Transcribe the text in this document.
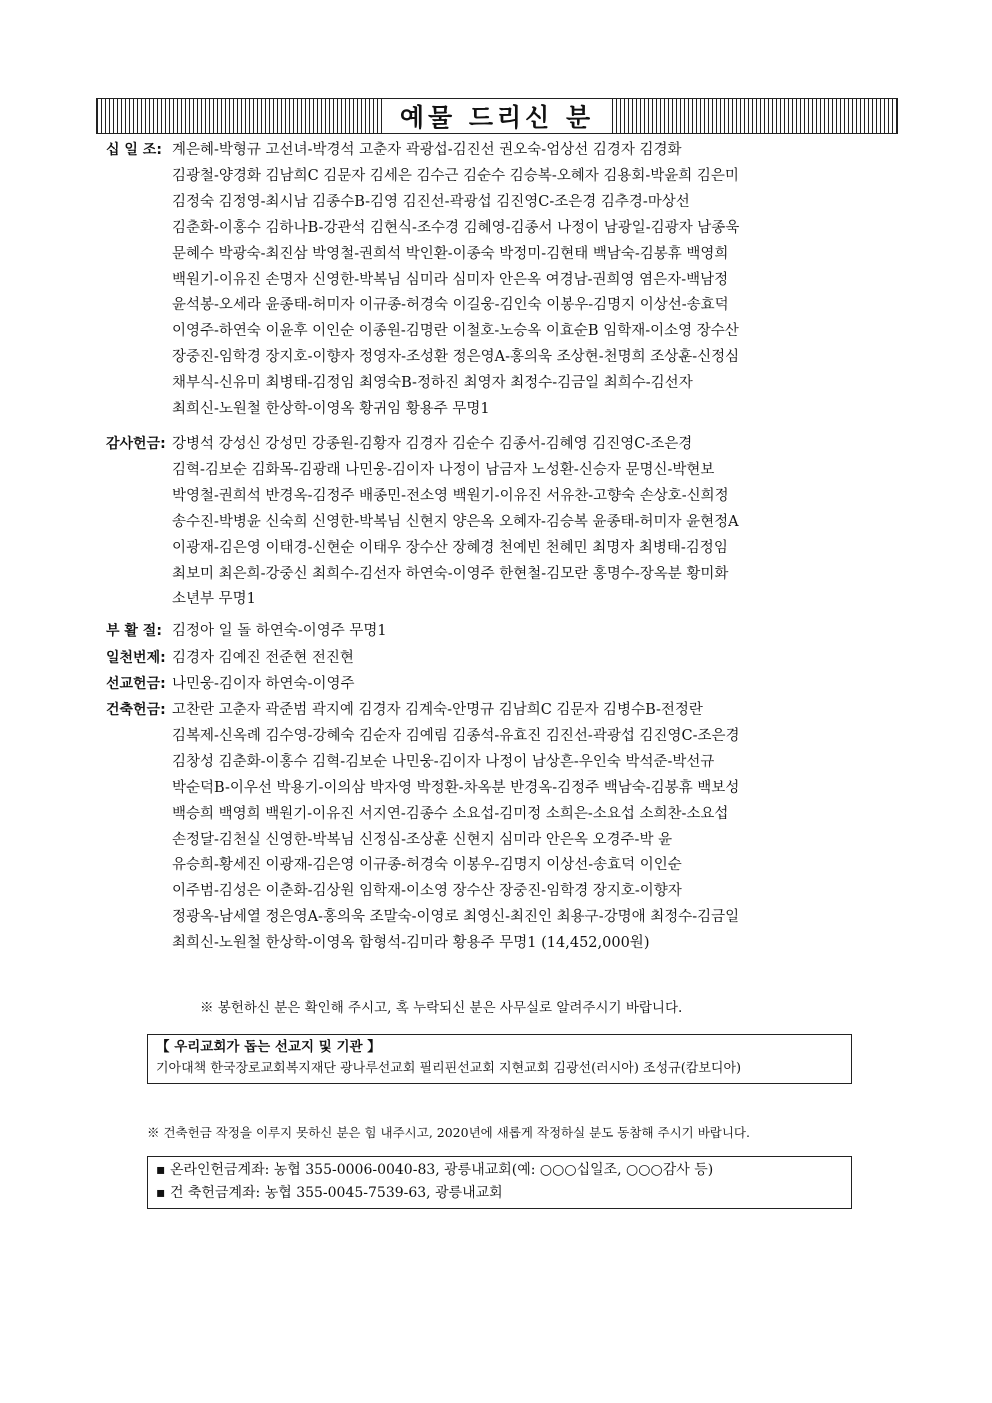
예물 드리신 분
십 일 조: 계은혜-박형규 고선녀-박경석 고춘자 곽광섭-김진선 권오숙-엄상선 김경자 김경화
김광철-양경화 김남희C 김문자 김세은 김수근 김순수 김승복-오혜자 김용회-박윤희 김은미
김정숙 김정영-최시남 김종수B-김영 김진선-곽광섭 김진영C-조은경 김추경-마상선
김춘화-이홍수 김하나B-강관석 김현식-조수경 김혜영-김종서 나정이 남광일-김광자 남종욱
문혜수 박광숙-최진삼 박영철-권희석 박인환-이종숙 박정미-김현태 백남숙-김봉휴 백영희
백원기-이유진 손명자 신영한-박복님 심미라 심미자 안은옥 여경남-권희영 염은자-백남정
윤석봉-오세라 윤종태-허미자 이규종-허경숙 이길웅-김인숙 이봉우-김명지 이상선-송효덕
이영주-하연숙 이윤후 이인순 이종원-김명란 이철호-노승옥 이효순B 임학재-이소영 장수산
장중진-임학경 장지호-이향자 정영자-조성환 정은영A-홍의욱 조상현-천명희 조상훈-신정심
채부식-신유미 최병태-김정임 최영숙B-정하진 최영자 최정수-김금일 최희수-김선자
최희신-노원철 한상학-이영옥 황귀임 황용주 무명1
감사헌금: 강병석 강성신 강성민 강종원-김황자 김경자 김순수 김종서-김혜영 김진영C-조은경
김혁-김보순 김화목-김광래 나민웅-김이자 나정이 남금자 노성환-신승자 문명신-박현보
박영철-권희석 반경옥-김정주 배종민-전소영 백원기-이유진 서유찬-고향숙 손상호-신희정
송수진-박병윤 신숙희 신영한-박복님 신현지 양은옥 오혜자-김승복 윤종태-허미자 윤현정A
이광재-김은영 이태경-신현순 이태우 장수산 장혜경 천예빈 천혜민 최명자 최병태-김정임
최보미 최은희-강중신 최희수-김선자 하연숙-이영주 한현철-김모란 홍명수-장옥분 황미화
소년부 무명1
부 활 절: 김정아 일 돌 하연숙-이영주 무명1
일천번제: 김경자 김예진 전준현 전진현
선교헌금: 나민웅-김이자 하연숙-이영주
건축헌금: 고찬란 고춘자 곽준범 곽지예 김경자 김계숙-안명규 김남희C 김문자 김병수B-전정란
김복제-신옥례 김수영-강혜숙 김순자 김예림 김종석-유효진 김진선-곽광섭 김진영C-조은경
김창성 김춘화-이홍수 김혁-김보순 나민웅-김이자 나정이 남상흔-우인숙 박석준-박선규
박순덕B-이우선 박용기-이의삼 박자영 박정환-차옥분 반경옥-김정주 백남숙-김봉휴 백보성
백승희 백영희 백원기-이유진 서지연-김종수 소요섭-김미정 소희은-소요섭 소희찬-소요섭
손정달-김천실 신영한-박복님 신정심-조상훈 신현지 심미라 안은옥 오경주-박 윤
유승희-황세진 이광재-김은영 이규종-허경숙 이봉우-김명지 이상선-송효덕 이인순
이주범-김성은 이춘화-김상원 임학재-이소영 장수산 장중진-임학경 장지호-이향자
정광옥-남세열 정은영A-홍의욱 조말숙-이영로 최영신-최진인 최용구-강명애 최정수-김금일
최희신-노원철 한상학-이영옥 함형석-김미라 황용주 무명1 (14,452,000원)
※ 봉헌하신 분은 확인해 주시고, 혹 누락되신 분은 사무실로 알려주시기 바랍니다.
【 우리교회가 돕는 선교지 및 기관 】
기아대책 한국장로교회복지재단 광나루선교회 필리핀선교회 지현교회 김광선(러시아) 조성규(캄보디아)
※ 건축헌금 작정을 이루지 못하신 분은 힘 내주시고, 2020년에 새롭게 작정하실 분도 동참해 주시기 바랍니다.
▪ 온라인헌금계좌: 농협 355-0006-0040-83, 광릉내교회(예: ○○○십일조, ○○○감사 등)
▪ 건 축헌금계좌: 농협 355-0045-7539-63, 광릉내교회
